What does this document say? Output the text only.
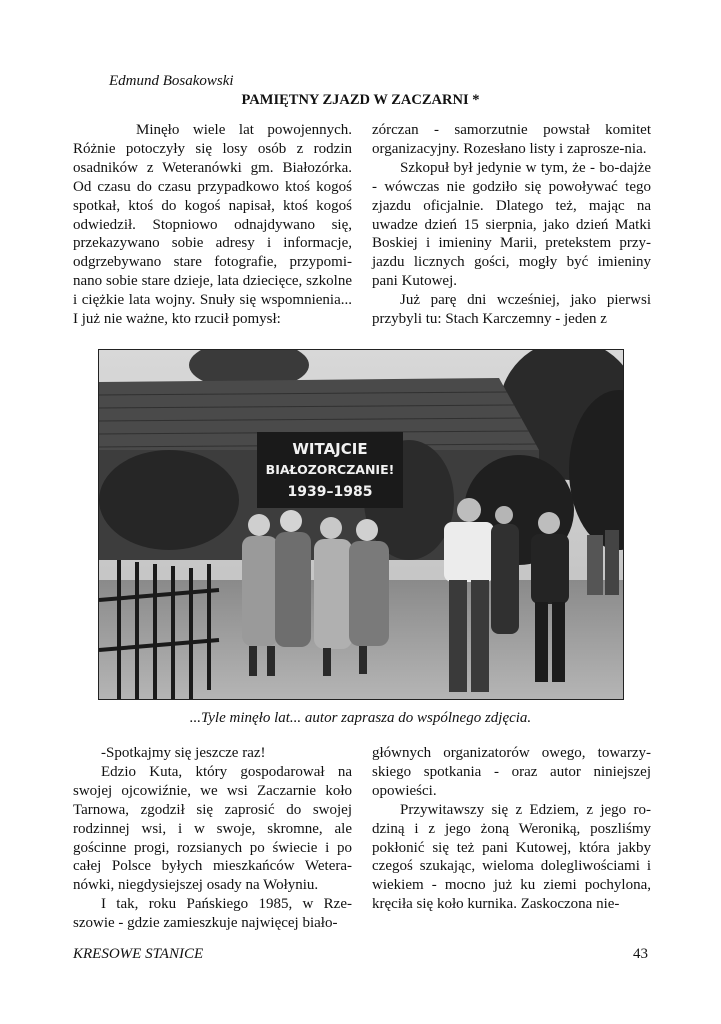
Edmund Bosakowski
PAMIĘTNY ZJAZD W ZACZARNI *

Minęło wiele lat powojennych. Różnie potoczyły się losy osób z rodzin osadników z Weteranówki gm. Białozórka. Od czasu do czasu przypadkowo ktoś kogoś spotkał, ktoś do kogoś napisał, ktoś kogoś odwiedził. Stopniowo odnajdywano się, przekazywano sobie adresy i informacje, odgrzebywano stare fotografie, przypomi-nano sobie stare dzieje, lata dziecięce, szkolne i ciężkie lata wojny. Snuły się wspomnienia... I już nie ważne, kto rzucił pomysł:

zórczan - samorzutnie powstał komitet organizacyjny. Rozesłano listy i zaprosze-nia.

Szkopuł był jedynie w tym, że - bo-dajże - wówczas nie godziło się powoływać tego zjazdu oficjalnie. Dlatego też, mając na uwadze dzień 15 sierpnia, jako dzień Matki Boskiej i imieniny Marii, pretekstem przy-jazdu licznych gości, mogły być imieniny pani Kutowej.

Już parę dni wcześniej, jako pierwsi przybyli tu: Stach Karczemny - jeden z

WITAJCIE
BIAŁOZORCZANIE!
1939–1985
...Tyle minęło lat... autor zaprasza do wspólnego zdjęcia.

-Spotkajmy się jeszcze raz!

Edzio Kuta, który gospodarował na swojej ojcowiźnie, we wsi Zaczarnie koło Tarnowa, zgodził się zaprosić do swojej rodzinnej wsi, i w swoje, skromne, ale gościnne progi, rozsianych po świecie i po całej Polsce byłych mieszkańców Wetera-nówki, niegdysiejszej osady na Wołyniu.

I tak, roku Pańskiego 1985, w Rze-szowie - gdzie zamieszkuje najwięcej biało-

głównych organizatorów owego, towarzy-skiego spotkania - oraz autor niniejszej opowieści.

Przywitawszy się z Edziem, z jego ro-dziną i z jego żoną Weroniką, poszliśmy pokłonić się też pani Kutowej, która jakby czegoś szukając, wieloma dolegliwościami i wiekiem - mocno już ku ziemi pochylona, kręciła się koło kurnika. Zaskoczona nie-

KRESOWE STANICE	43
